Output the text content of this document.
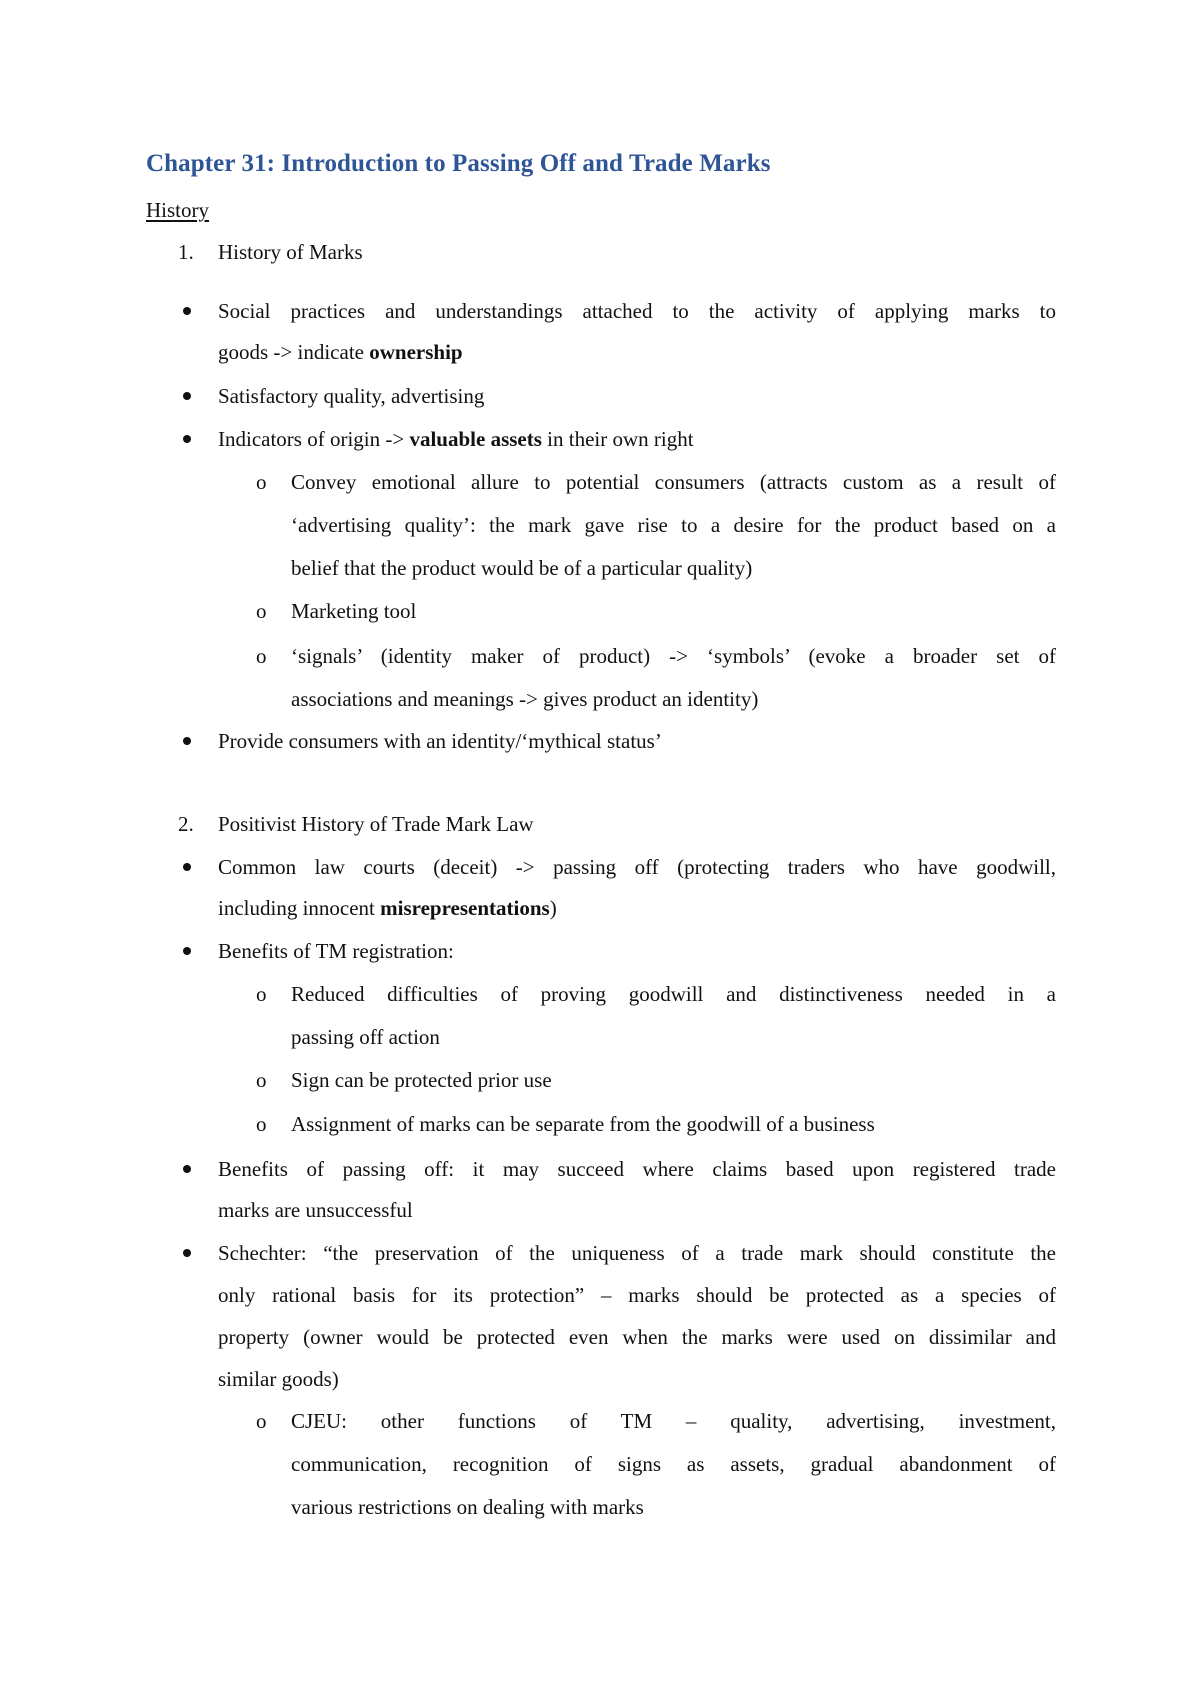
Chapter 31: Introduction to Passing Off and Trade Marks
History
1. History of Marks
Social practices and understandings attached to the activity of applying marks to
goods -> indicate ownership
Satisfactory quality, advertising
Indicators of origin -> valuable assets in their own right
o Convey emotional allure to potential consumers (attracts custom as a result of
‘advertising quality’: the mark gave rise to a desire for the product based on a
belief that the product would be of a particular quality)
o Marketing tool
o ‘signals’ (identity maker of product) -> ‘symbols’ (evoke a broader set of
associations and meanings -> gives product an identity)
Provide consumers with an identity/‘mythical status’
2. Positivist History of Trade Mark Law
Common law courts (deceit) -> passing off (protecting traders who have goodwill,
including innocent misrepresentations)
Benefits of TM registration:
o Reduced difficulties of proving goodwill and distinctiveness needed in a
passing off action
o Sign can be protected prior use
o Assignment of marks can be separate from the goodwill of a business
Benefits of passing off: it may succeed where claims based upon registered trade
marks are unsuccessful
Schechter: “the preservation of the uniqueness of a trade mark should constitute the
only rational basis for its protection” – marks should be protected as a species of
property (owner would be protected even when the marks were used on dissimilar and
similar goods)
o CJEU: other functions of TM – quality, advertising, investment,
communication, recognition of signs as assets, gradual abandonment of
various restrictions on dealing with marks
